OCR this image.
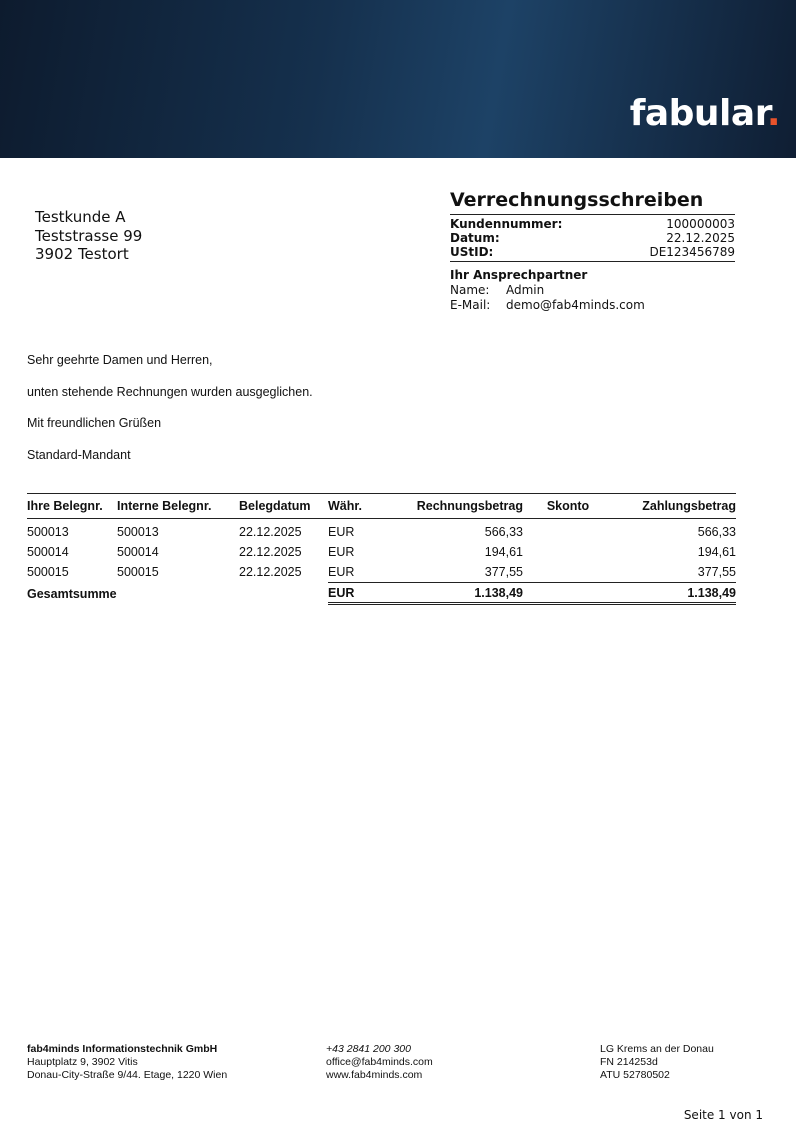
fabular.
Testkunde A
Teststrasse 99
3902 Testort
Verrechnungsschreiben
Kundennummer:	100000003
Datum:	22.12.2025
UStID:	DE123456789
Ihr Ansprechpartner
Name:	Admin
E-Mail:	demo@fab4minds.com

Sehr geehrte Damen und Herren,

unten stehende Rechnungen wurden ausgeglichen.

Mit freundlichen Grüßen

Standard-Mandant

Ihre Belegnr.	Interne Belegnr.	Belegdatum	Währ.	Rechnungsbetrag	Skonto	Zahlungsbetrag
500013	500013	22.12.2025	EUR	566,33		566,33
500014	500014	22.12.2025	EUR	194,61		194,61
500015	500015	22.12.2025	EUR	377,55		377,55
Gesamtsumme			EUR	1.138,49		1.138,49
fab4minds Informationstechnik GmbH
Hauptplatz 9, 3902 Vitis
Donau-City-Straße 9/44. Etage, 1220 Wien
+43 2841 200 300
office@fab4minds.com
www.fab4minds.com
LG Krems an der Donau
FN 214253d
ATU 52780502
Seite 1 von 1
